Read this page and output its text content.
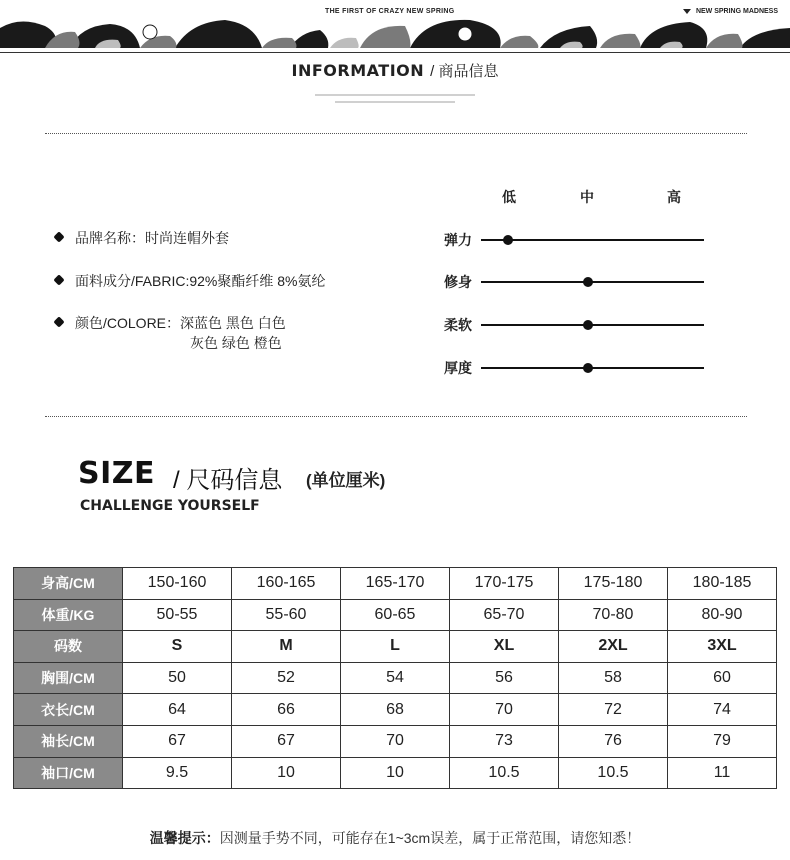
THE FIRST OF CRAZY NEW SPRING	NEW SPRING MADNESS
INFORMATION / 商品信息
品牌名称：时尚连帽外套
面料成分/FABRIC:92%聚酯纤维 8%氨纶
颜色/COLORE：深蓝色 黑色 白色
灰色 绿色 橙色
低	中	高
弹力
修身
柔软
厚度
SIZE / 尺码信息 (单位厘米)
CHALLENGE YOURSELF
身高/CM	150-160	160-165	165-170	170-175	175-180	180-185
体重/KG	50-55	55-60	60-65	65-70	70-80	80-90
码数	S	M	L	XL	2XL	3XL
胸围/CM	50	52	54	56	58	60
衣长/CM	64	66	68	70	72	74
袖长/CM	67	67	70	73	76	79
袖口/CM	9.5	10	10	10.5	10.5	11
温馨提示：因测量手势不同，可能存在1~3cm误差，属于正常范围，请您知悉！
